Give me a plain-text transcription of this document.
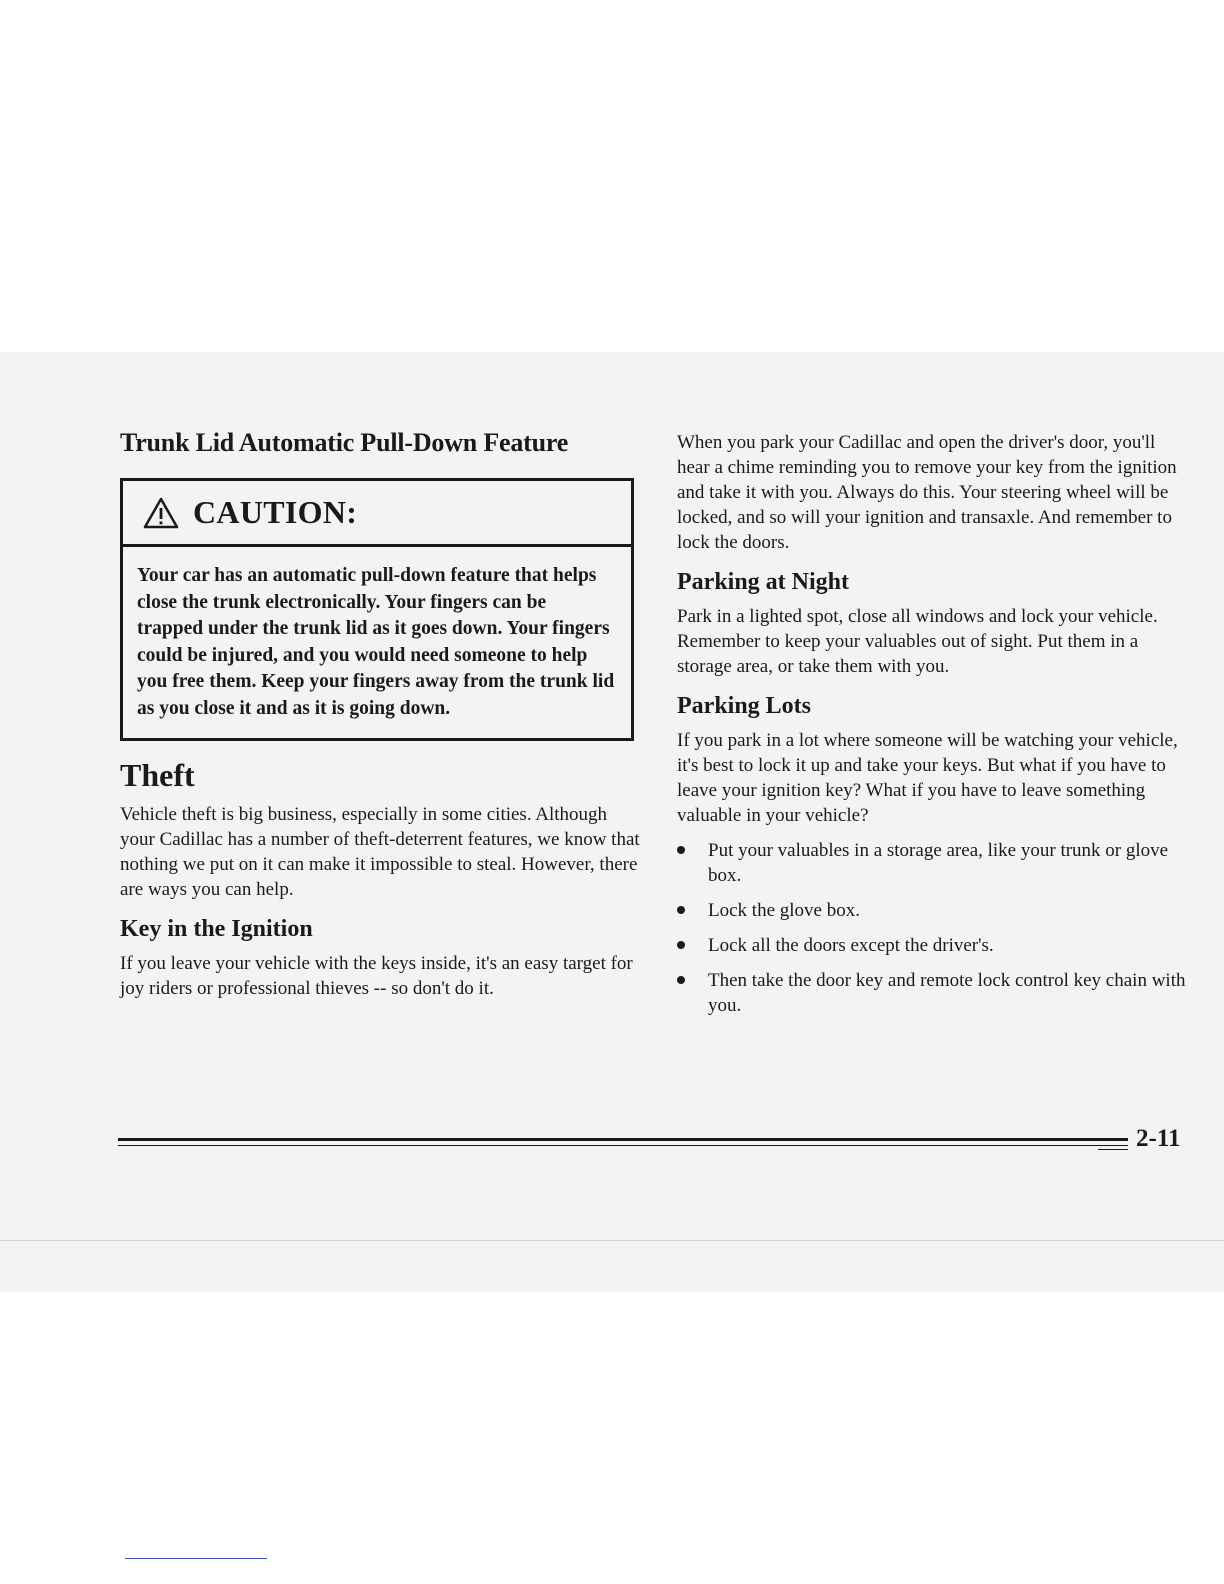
Trunk Lid Automatic Pull-Down Feature
CAUTION:
Your car has an automatic pull-down feature that helps close the trunk electronically. Your fingers can be trapped under the trunk lid as it goes down. Your fingers could be injured, and you would need someone to help you free them. Keep your fingers away from the trunk lid as you close it and as it is going down.
Theft

Vehicle theft is big business, especially in some cities. Although your Cadillac has a number of theft-deterrent features, we know that nothing we put on it can make it impossible to steal. However, there are ways you can help.

Key in the Ignition

If you leave your vehicle with the keys inside, it's an easy target for joy riders or professional thieves -- so don't do it.

When you park your Cadillac and open the driver's door, you'll hear a chime reminding you to remove your key from the ignition and take it with you. Always do this. Your steering wheel will be locked, and so will your ignition and transaxle. And remember to lock the doors.

Parking at Night

Park in a lighted spot, close all windows and lock your vehicle. Remember to keep your valuables out of sight. Put them in a storage area, or take them with you.

Parking Lots

If you park in a lot where someone will be watching your vehicle, it's best to lock it up and take your keys. But what if you have to leave your ignition key? What if you have to leave something valuable in your vehicle?

Put your valuables in a storage area, like your trunk or glove box.
Lock the glove box.
Lock all the doors except the driver's.
Then take the door key and remote lock control key chain with you.
2-11
